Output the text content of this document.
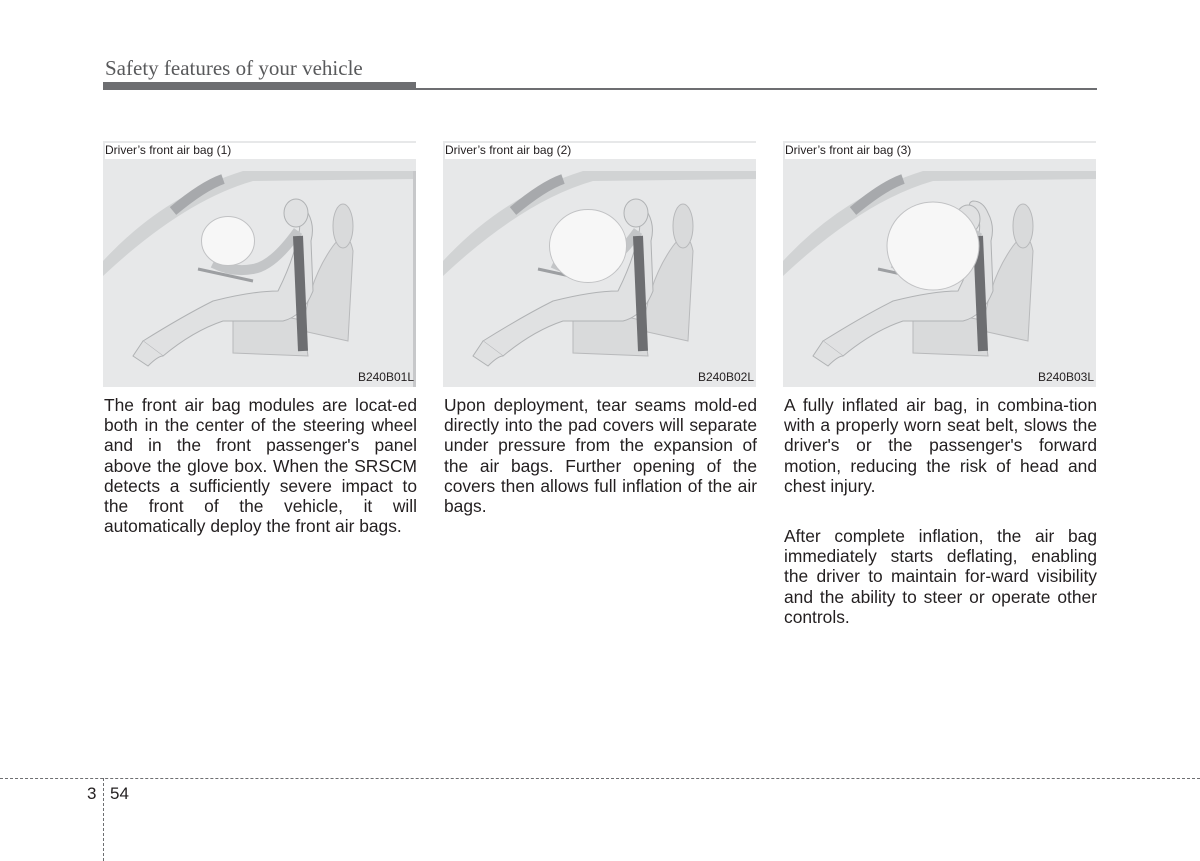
Safety features of your vehicle
Driver’s front air bag (1)
B240B01L
Driver’s front air bag (2)
B240B02L
Driver’s front air bag (3)
B240B03L

The front air bag modules are locat-ed both in the center of the steering wheel and in the front passenger's panel above the glove box. When the SRSCM detects a sufficiently severe impact to the front of the vehicle, it will automatically deploy the front air bags.

Upon deployment, tear seams mold-ed directly into the pad covers will separate under pressure from the expansion of the air bags. Further opening of the covers then allows full inflation of the air bags.

A fully inflated air bag, in combina-tion with a properly worn seat belt, slows the driver's or the passenger's forward motion, reducing the risk of head and chest injury.

After complete inflation, the air bag immediately starts deflating, enabling the driver to maintain for-ward visibility and the ability to steer or operate other controls.

3 54
